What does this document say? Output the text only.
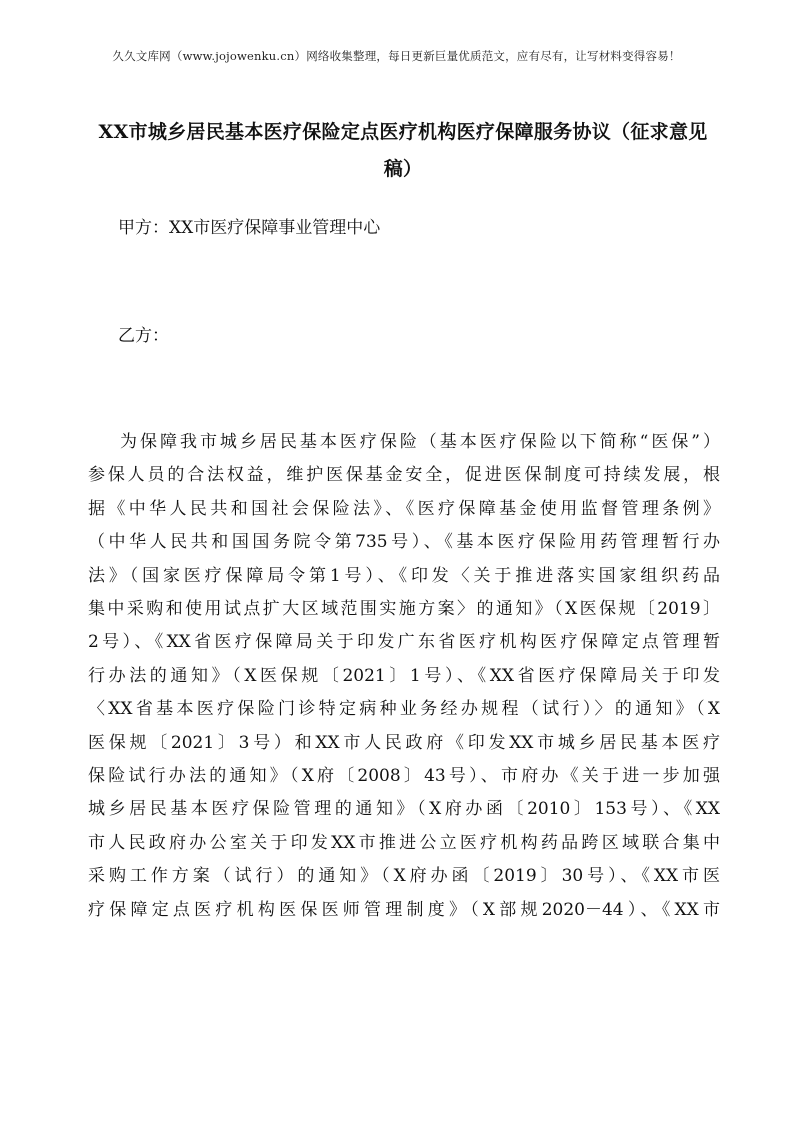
久久文库网（www.jojowenku.cn）网络收集整理，每日更新巨量优质范文，应有尽有，让写材料变得容易！
XX市城乡居民基本医疗保险定点医疗机构医疗保障服务协议（征求意见稿）
甲方：XX市医疗保障事业管理中心
乙方：

为保障我市城乡居民基本医疗保险（基本医疗保险以下简称“医保”）
参保人员的合法权益，维护医保基金安全，促进医保制度可持续发展，根
据《中华人民共和国社会保险法》、《医疗保障基金使用监督管理条例》
（中华人民共和国国务院令第735号）、《基本医疗保险用药管理暂行办
法》（国家医疗保障局令第1号）、《印发〈关于推进落实国家组织药品
集中采购和使用试点扩大区域范围实施方案〉的通知》（X医保规〔2019〕
2号）、《XX省医疗保障局关于印发广东省医疗机构医疗保障定点管理暂
行办法的通知》（X医保规〔2021〕1号）、《XX省医疗保障局关于印发
〈XX省基本医疗保险门诊特定病种业务经办规程（试行）〉的通知》（X
医保规〔2021〕3号）和XX市人民政府《印发XX市城乡居民基本医疗
保险试行办法的通知》（X府〔2008〕43号）、市府办《关于进一步加强
城乡居民基本医疗保险管理的通知》（X府办函〔2010〕153号）、《XX
市人民政府办公室关于印发XX市推进公立医疗机构药品跨区域联合集中
采购工作方案（试行）的通知》（X府办函〔2019〕30号）、《XX市医
疗保障定点医疗机构医保医师管理制度》（X部规2020－44）、《XX市
